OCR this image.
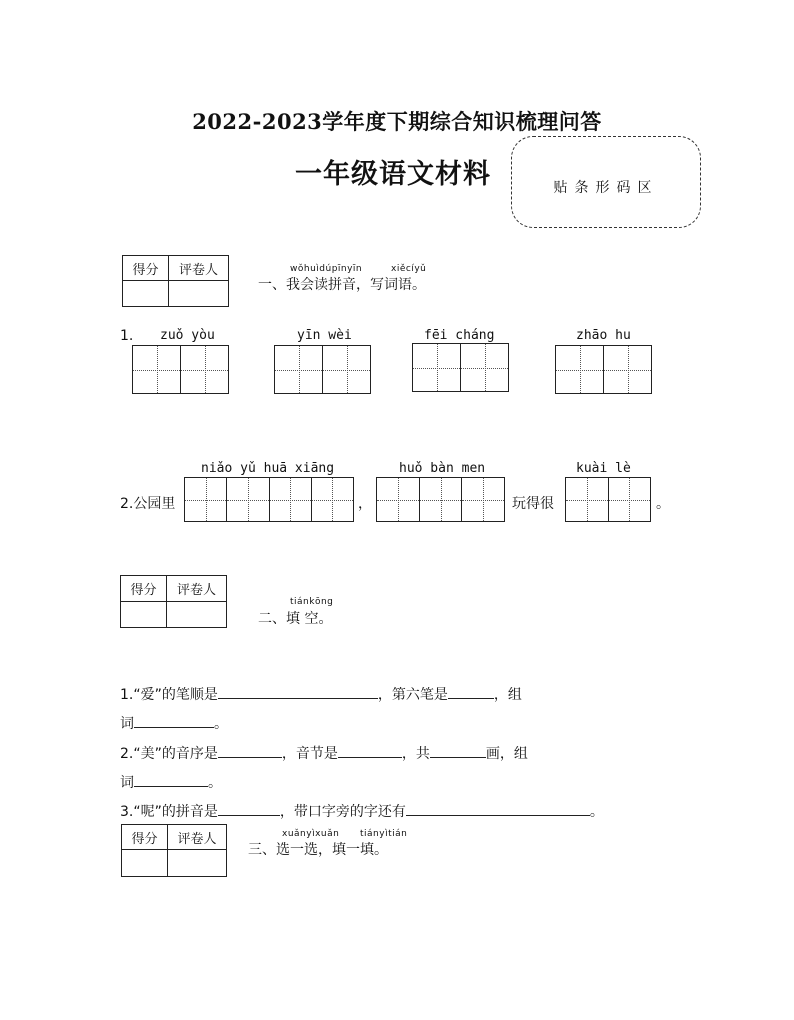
2022-2023学年度下期综合知识梳理问答
一年级语文材料	贴条形码区
得分	评卷人
		wǒhuìdúpīnyīn	xiěcíyǔ
一、我会读拼音，写词语。
1. zuǒ yòu	yīn wèi	fēi cháng	zhāo hu
niǎo yǔ huā xiāng	huǒ bàn men	kuài lè
2.公园里	，	玩得很	。
得分	评卷人

tiánkōng
二、填 空。
1.“爱”的笔顺是	，第六笔是	，组
词	。
2.“美”的音序是	，音节是	，共	画，组
词	。
3.“呢”的拼音是	，带口字旁的字还有	。
得分	评卷人
		xuǎnyìxuǎn tiányìtián
三、选一选，填一填。
